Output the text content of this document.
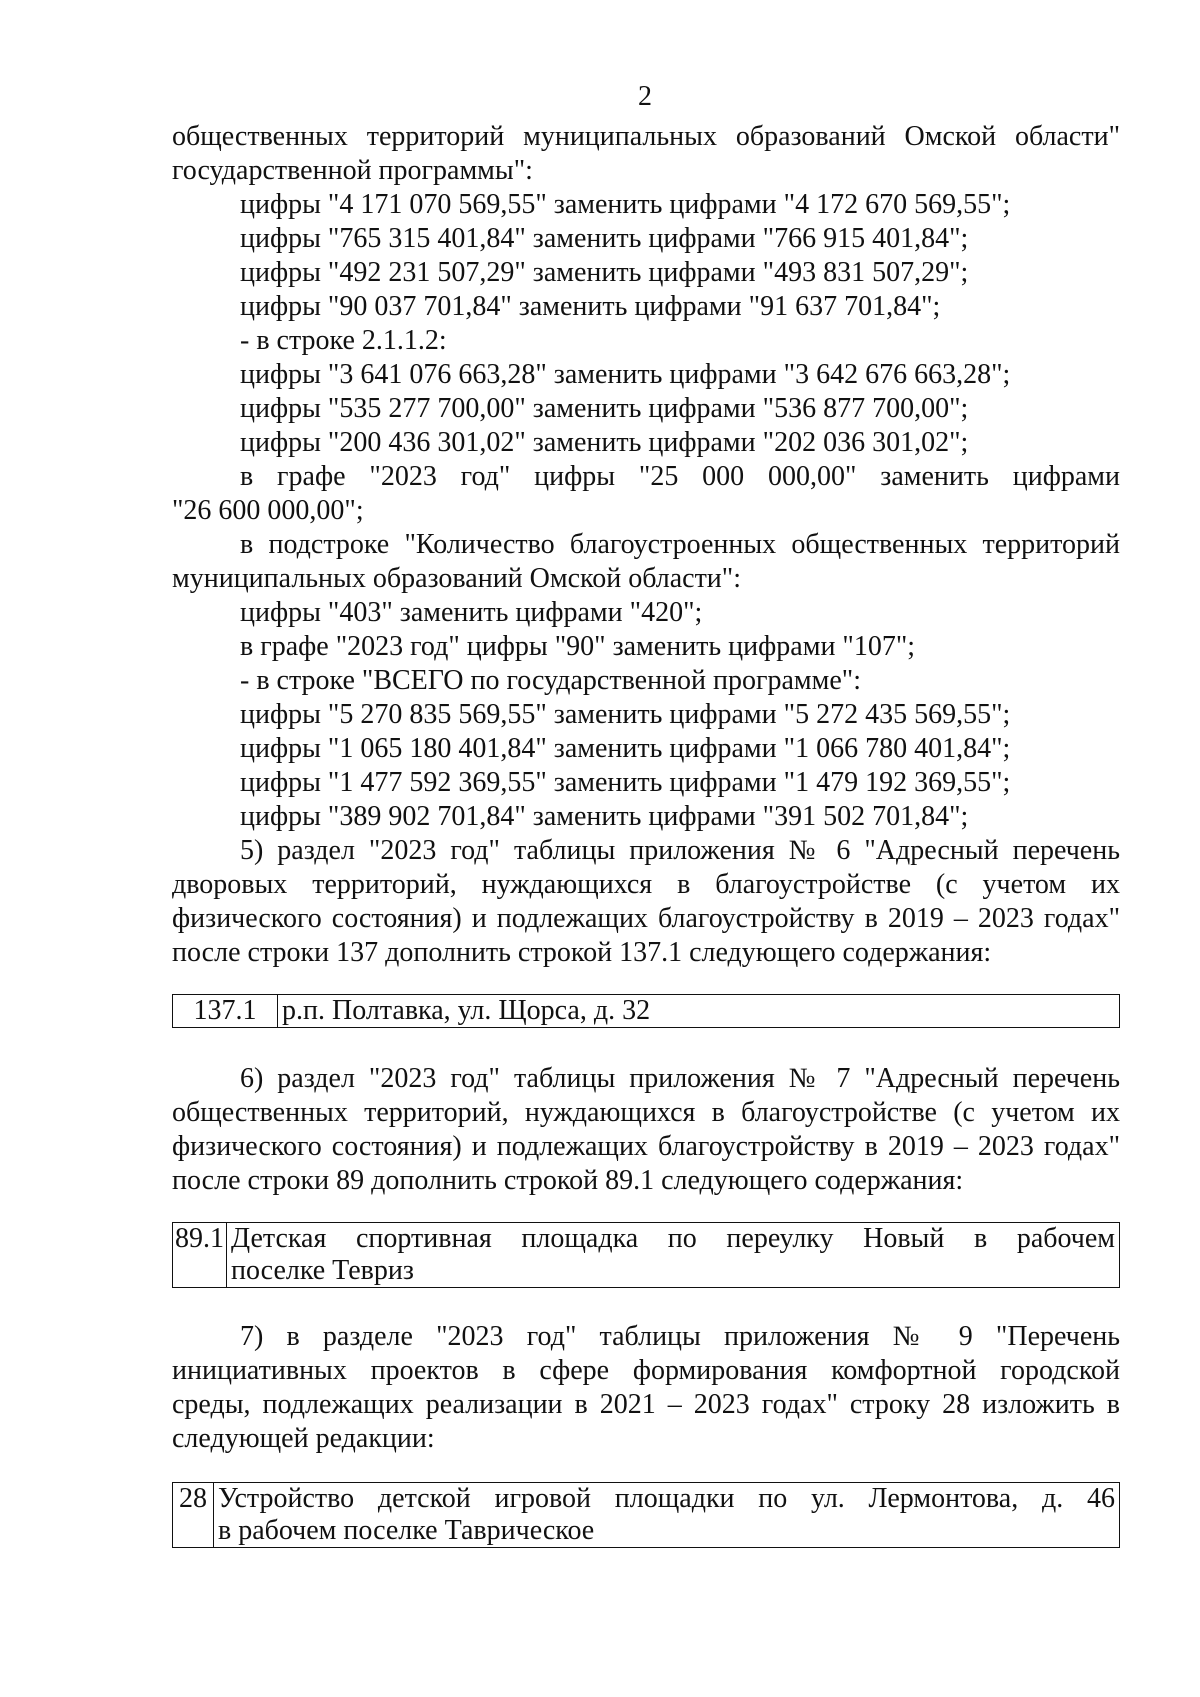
2
общественных территорий муниципальных образований Омской области"
государственной программы":
цифры "4 171 070 569,55" заменить цифрами "4 172 670 569,55";
цифры "765 315 401,84" заменить цифрами "766 915 401,84";
цифры "492 231 507,29" заменить цифрами "493 831 507,29";
цифры "90 037 701,84" заменить цифрами "91 637 701,84";
- в строке 2.1.1.2:
цифры "3 641 076 663,28" заменить цифрами "3 642 676 663,28";
цифры "535 277 700,00" заменить цифрами "536 877 700,00";
цифры "200 436 301,02" заменить цифрами "202 036 301,02";
в графе "2023 год" цифры "25 000 000,00" заменить цифрами
"26 600 000,00";
в подстроке "Количество благоустроенных общественных территорий
муниципальных образований Омской области":
цифры "403" заменить цифрами "420";
в графе "2023 год" цифры "90" заменить цифрами "107";
- в строке "ВСЕГО по государственной программе":
цифры "5 270 835 569,55" заменить цифрами "5 272 435 569,55";
цифры "1 065 180 401,84" заменить цифрами "1 066 780 401,84";
цифры "1 477 592 369,55" заменить цифрами "1 479 192 369,55";
цифры "389 902 701,84" заменить цифрами "391 502 701,84";
5) раздел "2023 год" таблицы приложения № 6 "Адресный перечень
дворовых территорий, нуждающихся в благоустройстве (с учетом их
физического состояния) и подлежащих благоустройству в 2019 – 2023 годах"
после строки 137 дополнить строкой 137.1 следующего содержания:
137.1	р.п. Полтавка, ул. Щорса, д. 32
6) раздел "2023 год" таблицы приложения № 7 "Адресный перечень
общественных территорий, нуждающихся в благоустройстве (с учетом их
физического состояния) и подлежащих благоустройству в 2019 – 2023 годах"
после строки 89 дополнить строкой 89.1 следующего содержания:
89.1	Детская спортивная площадка по переулку Новый в рабочем
поселке Тевриз
7) в разделе "2023 год" таблицы приложения № 9 "Перечень
инициативных проектов в сфере формирования комфортной городской
среды, подлежащих реализации в 2021 – 2023 годах" строку 28 изложить в
следующей редакции:
28	Устройство детской игровой площадки по ул. Лермонтова, д. 46
в рабочем поселке Таврическое
